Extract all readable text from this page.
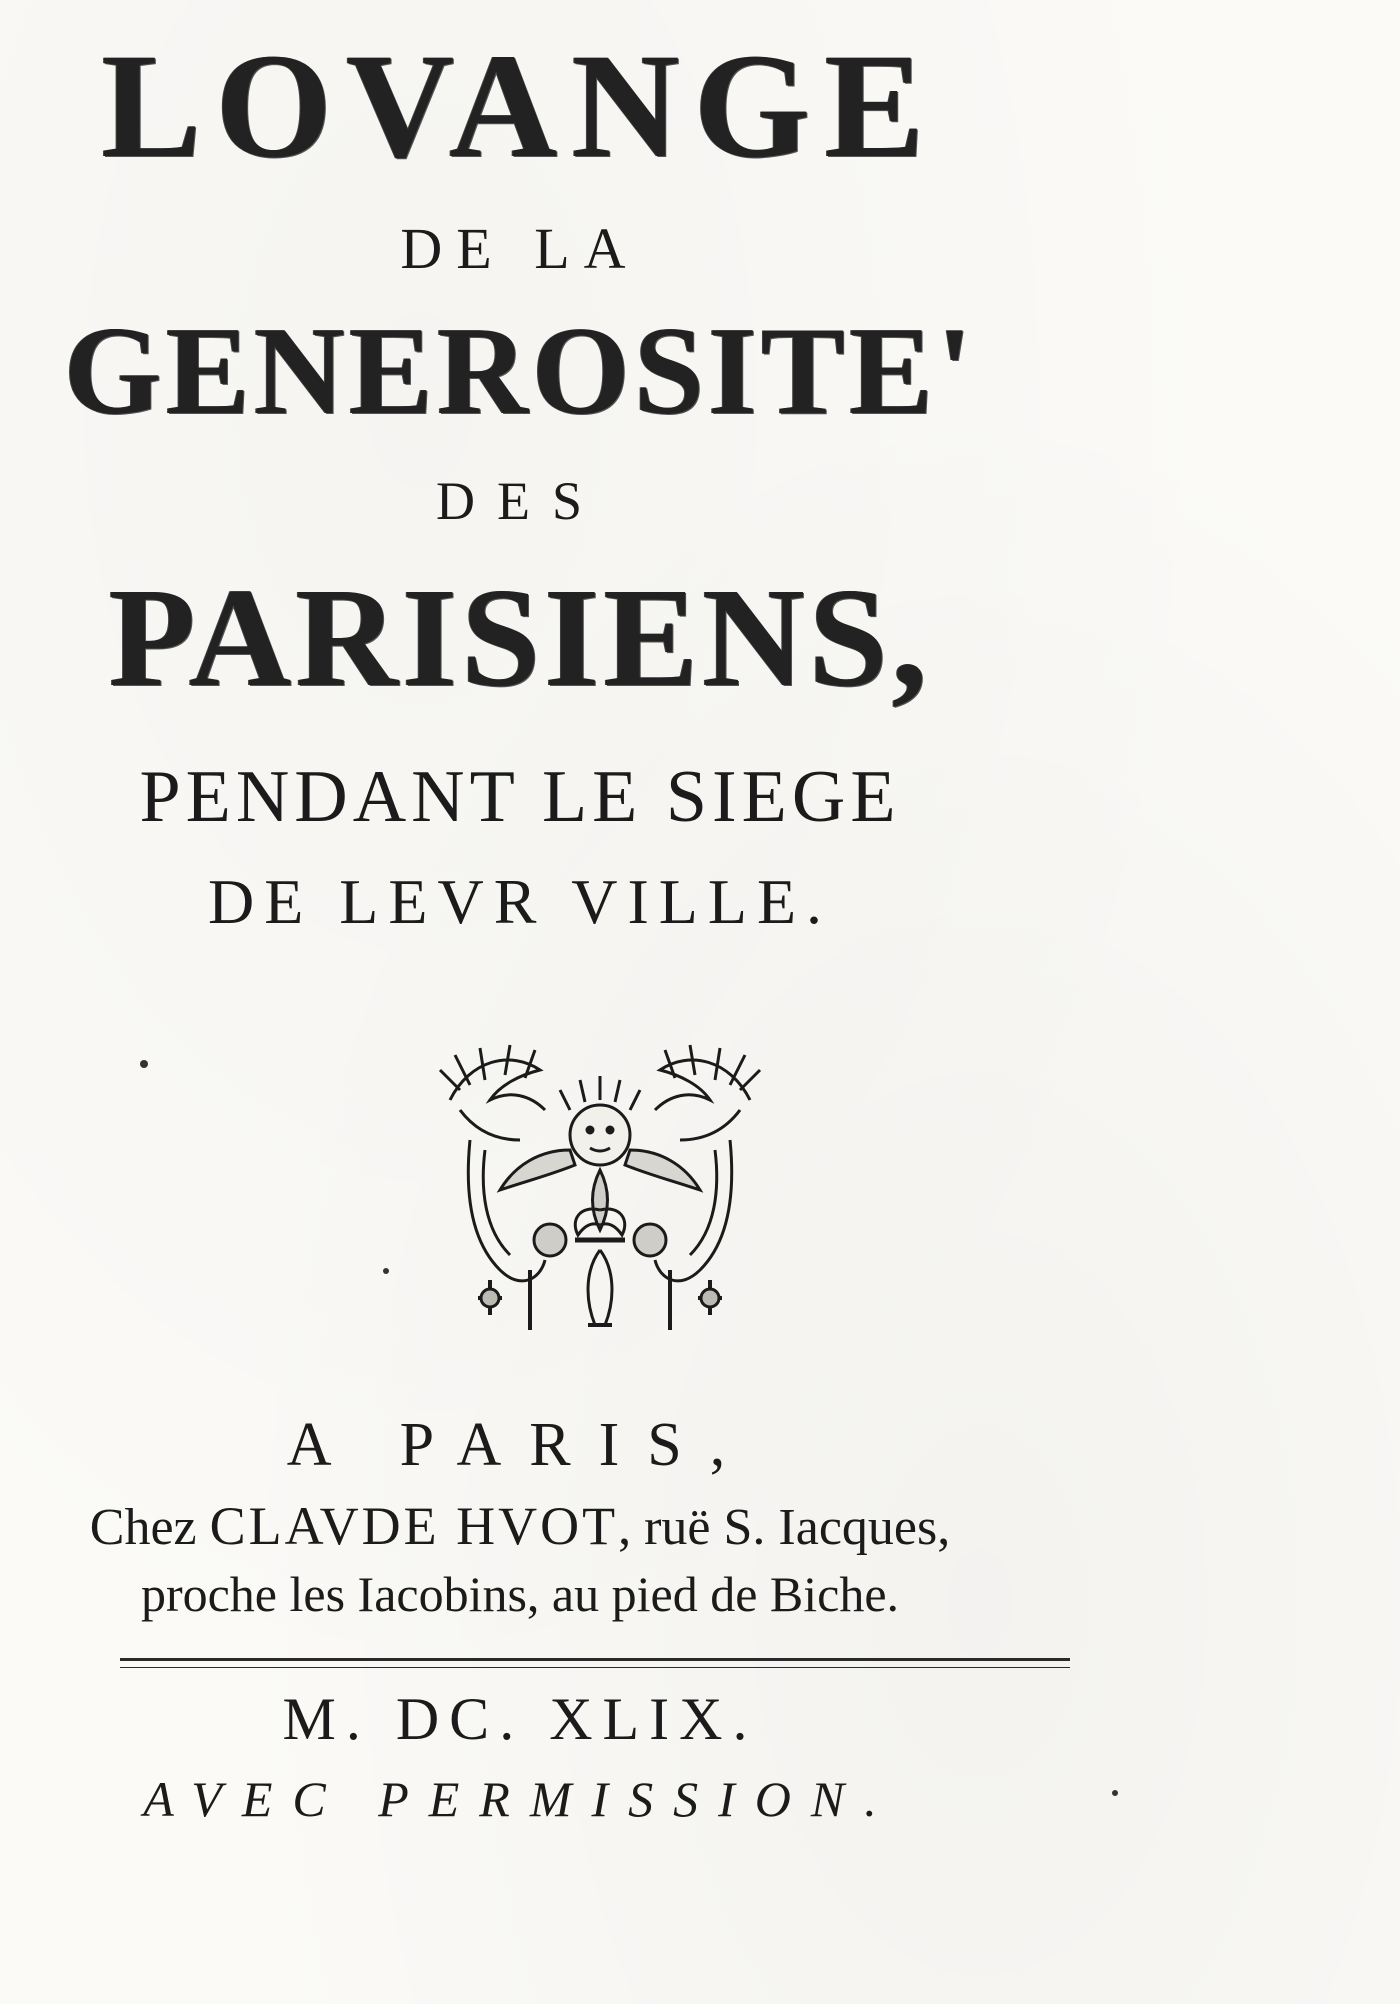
LOVANGE
DE LA
GENEROSITE'
DES
PARISIENS,
PENDANT LE SIEGE
DE LEVR VILLE.
A PARIS,
Chez CLAVDE HVOT, ruë S. Iacques,
proche les Iacobins, au pied de Biche.
M. DC. XLIX.
AVEC PERMISSION.
